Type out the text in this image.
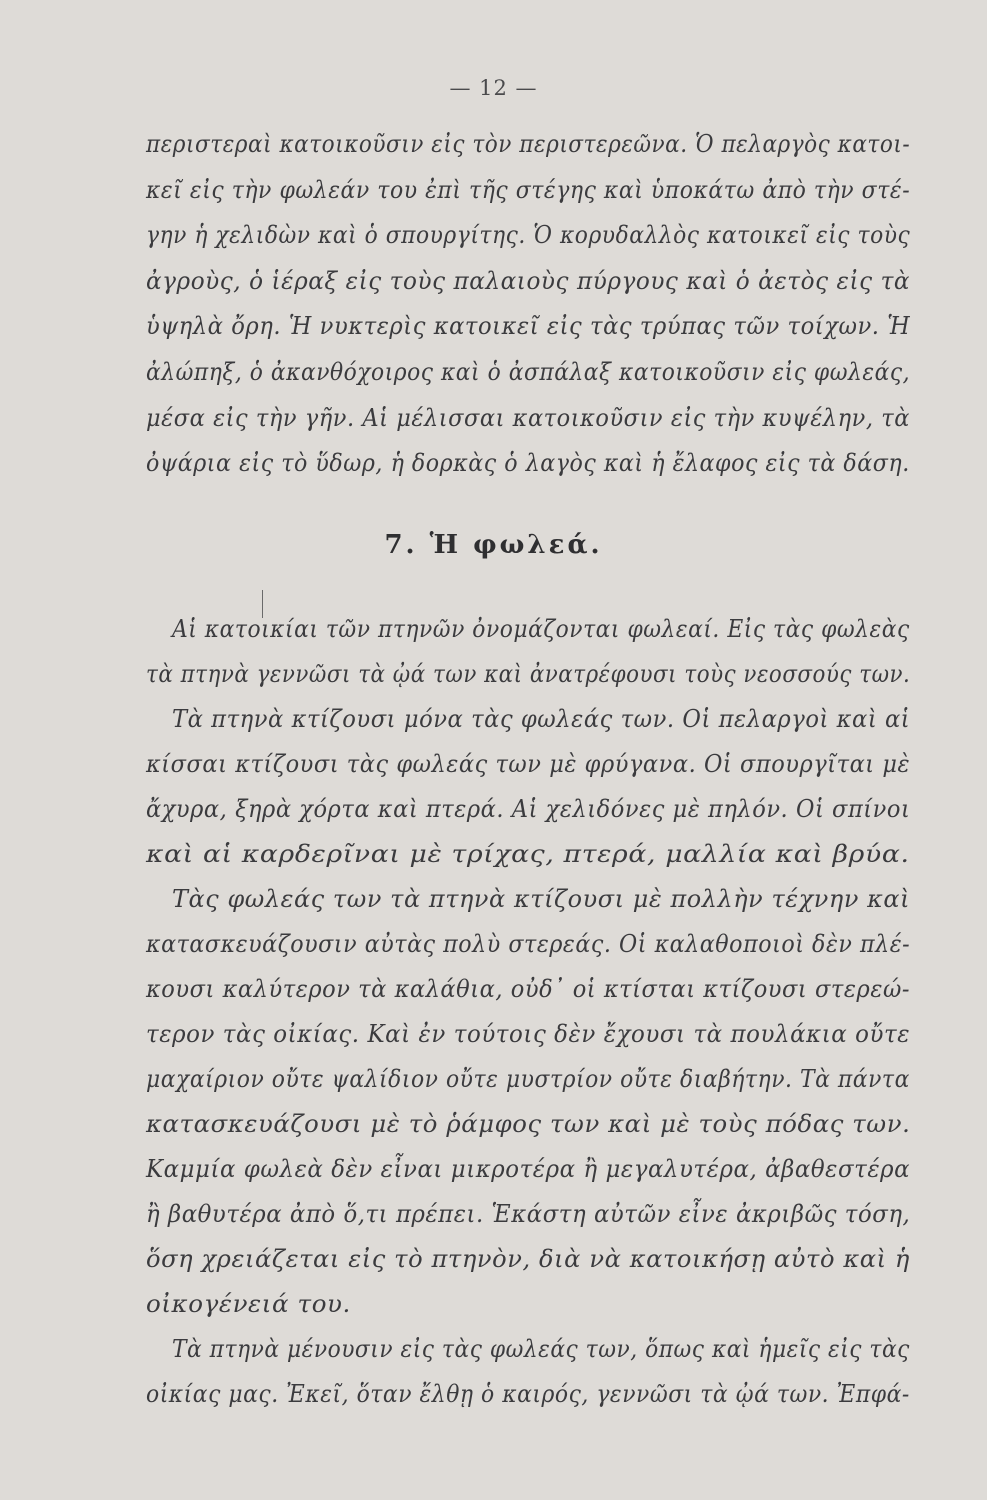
— 12 —
περιστεραὶ κατοικοῦσιν εἰς τὸν περιστερεῶνα. Ὁ πελαργὸς κατοι-
κεῖ εἰς τὴν φωλεάν του ἐπὶ τῆς στέγης καὶ ὑποκάτω ἀπὸ τὴν στέ-
γην ἡ χελιδὼν καὶ ὁ σπουργίτης. Ὁ κορυδαλλὸς κατοικεῖ εἰς τοὺς
ἀγροὺς, ὁ ἱέραξ εἰς τοὺς παλαιοὺς πύργους καὶ ὁ ἀετὸς εἰς τὰ
ὑψηλὰ ὄρη. Ἡ νυκτερὶς κατοικεῖ εἰς τὰς τρύπας τῶν τοίχων. Ἡ
ἀλώπηξ, ὁ ἀκανθόχοιρος καὶ ὁ ἀσπάλαξ κατοικοῦσιν εἰς φωλεάς,
μέσα εἰς τὴν γῆν. Αἱ μέλισσαι κατοικοῦσιν εἰς τὴν κυψέλην, τὰ
ὀψάρια εἰς τὸ ὕδωρ, ἡ δορκὰς ὁ λαγὸς καὶ ἡ ἔλαφος εἰς τὰ δάση.
7. Ἡ φωλεά.
Αἱ κατοικίαι τῶν πτηνῶν ὀνομάζονται φωλεαί. Εἰς τὰς φωλεὰς
τὰ πτηνὰ γεννῶσι τὰ ᾠά των καὶ ἀνατρέφουσι τοὺς νεοσσούς των.
Τὰ πτηνὰ κτίζουσι μόνα τὰς φωλεάς των. Οἱ πελαργοὶ καὶ αἱ
κίσσαι κτίζουσι τὰς φωλεάς των μὲ φρύγανα. Οἱ σπουργῖται μὲ
ἄχυρα, ξηρὰ χόρτα καὶ πτερά. Αἱ χελιδόνες μὲ πηλόν. Οἱ σπίνοι
καὶ αἱ καρδερῖναι μὲ τρίχας, πτερά, μαλλία καὶ βρύα.
Τὰς φωλεάς των τὰ πτηνὰ κτίζουσι μὲ πολλὴν τέχνην καὶ
κατασκευάζουσιν αὐτὰς πολὺ στερεάς. Οἱ καλαθοποιοὶ δὲν πλέ-
κουσι καλύτερον τὰ καλάθια, οὐδ᾽ οἱ κτίσται κτίζουσι στερεώ-
τερον τὰς οἰκίας. Καὶ ἐν τούτοις δὲν ἔχουσι τὰ πουλάκια οὔτε
μαχαίριον οὔτε ψαλίδιον οὔτε μυστρίον οὔτε διαβήτην. Τὰ πάντα
κατασκευάζουσι μὲ τὸ ῥάμφος των καὶ μὲ τοὺς πόδας των.
Καμμία φωλεὰ δὲν εἶναι μικροτέρα ἢ μεγαλυτέρα, ἀβαθεστέρα
ἢ βαθυτέρα ἀπὸ ὅ,τι πρέπει. Ἑκάστη αὐτῶν εἶνε ἀκριβῶς τόση,
ὅση χρειάζεται εἰς τὸ πτηνὸν, διὰ νὰ κατοικήσῃ αὐτὸ καὶ ἡ
οἰκογένειά του.
Τὰ πτηνὰ μένουσιν εἰς τὰς φωλεάς των, ὅπως καὶ ἡμεῖς εἰς τὰς
οἰκίας μας. Ἐκεῖ, ὅταν ἔλθῃ ὁ καιρός, γεννῶσι τὰ ᾠά των. Ἐπφά-
